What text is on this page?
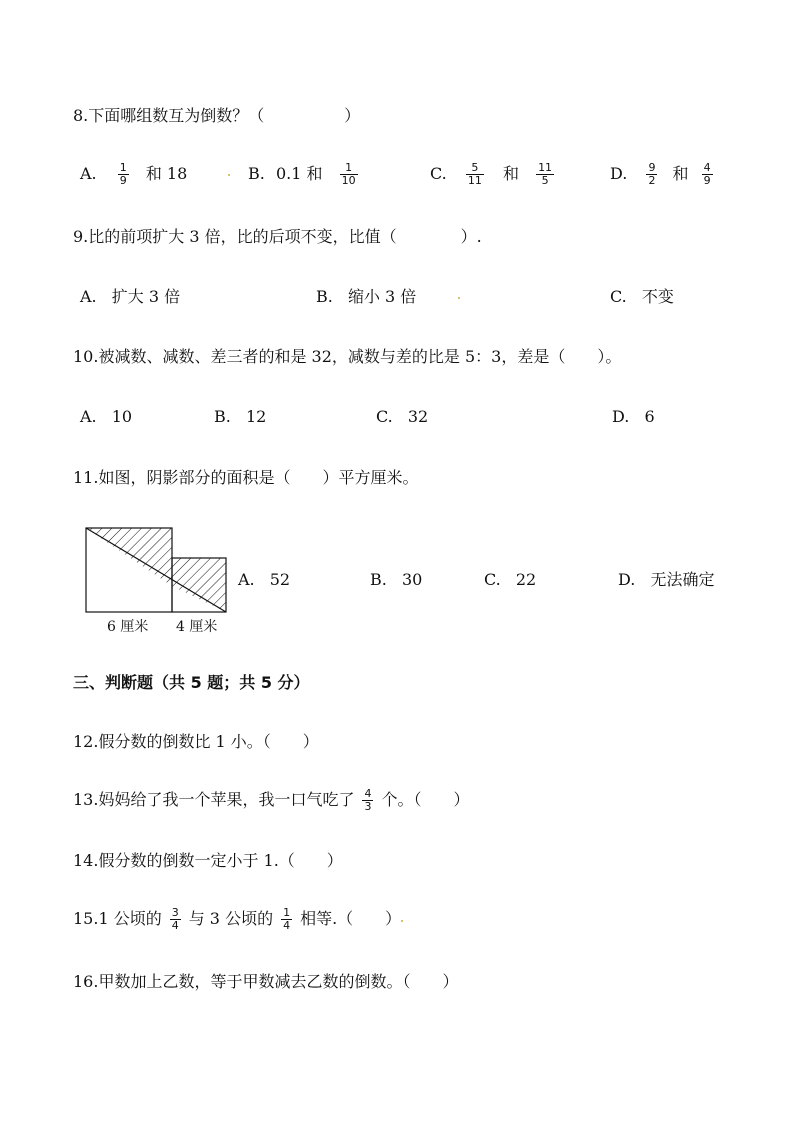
8.下面哪组数互为倒数？（　　　　　）
A. $\frac{1}{9}$ 和 18	B. 0.1 和 $\frac{1}{10}$	C. $\frac{5}{11}$ 和 $\frac{11}{5}$	D. $\frac{9}{2}$ 和 $\frac{4}{9}$
9.比的前项扩大 3 倍，比的后项不变，比值（　　　　）.
A. 扩大 3 倍	B. 缩小 3 倍	C. 不变
10.被减数、减数、差三者的和是 32，减数与差的比是 5：3，差是（　　）。
A. 10	B. 12	C. 32	D. 6
11.如图，阴影部分的面积是（　　）平方厘米。
6 厘米 4 厘米
A. 52	B. 30	C. 22	D. 无法确定
三、判断题（共 5 题；共 5 分）
12.假分数的倒数比 1 小。（　　）
13.妈妈给了我一个苹果，我一口气吃了 $\frac{4}{3}$ 个。（　　）
14.假分数的倒数一定小于 1.（　　）
15.1 公顷的 $\frac{3}{4}$ 与 3 公顷的 $\frac{1}{4}$ 相等.（　　）
16.甲数加上乙数，等于甲数减去乙数的倒数。（　　）
